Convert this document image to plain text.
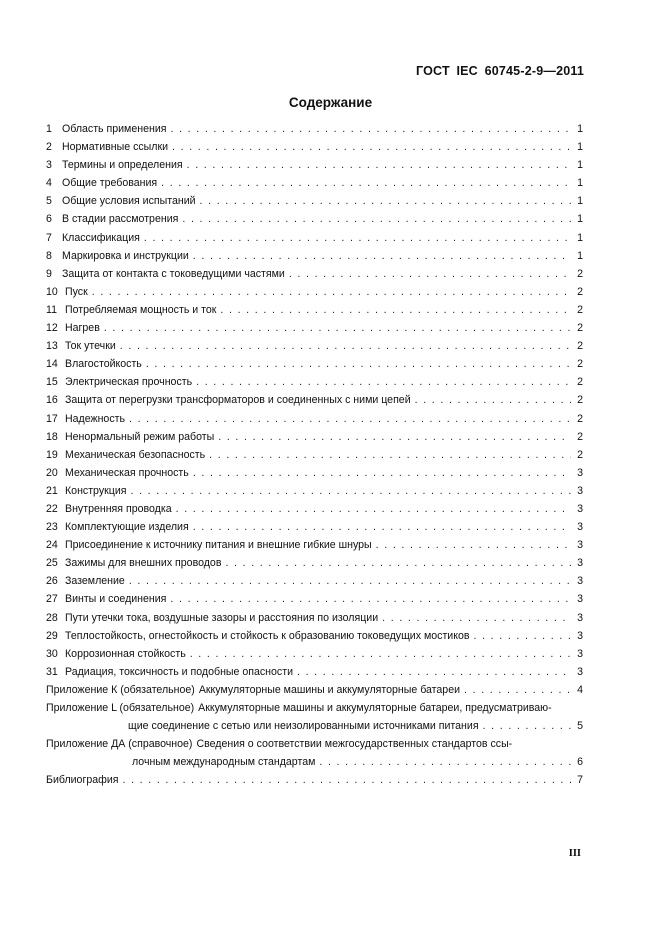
ГОСТ IEC 60745-2-9—2011
Содержание
1 Область применения . . .	1
2 Нормативные ссылки . . .	1
3 Термины и определения . . .	1
4 Общие требования . . .	1
5 Общие условия испытаний . . .	1
6 В стадии рассмотрения . . .	1
7 Классификация . . .	1
8 Маркировка и инструкции . . .	1
9 Защита от контакта с токоведущими частями . . .	2
10 Пуск . . .	2
11 Потребляемая мощность и ток . . .	2
12 Нагрев . . .	2
13 Ток утечки . . .	2
14 Влагостойкость . . .	2
15 Электрическая прочность . . .	2
16 Защита от перегрузки трансформаторов и соединенных с ними цепей . . .	2
17 Надежность . . .	2
18 Ненормальный режим работы . . .	2
19 Механическая безопасность . . .	2
20 Механическая прочность . . .	3
21 Конструкция . . .	3
22 Внутренняя проводка . . .	3
23 Комплектующие изделия . . .	3
24 Присоединение к источнику питания и внешние гибкие шнуры . . .	3
25 Зажимы для внешних проводов . . .	3
26 Заземление . . .	3
27 Винты и соединения . . .	3
28 Пути утечки тока, воздушные зазоры и расстояния по изоляции . . .	3
29 Теплостойкость, огнестойкость и стойкость к образованию токоведущих мостиков . . .	3
30 Коррозионная стойкость . . .	3
31 Радиация, токсичность и подобные опасности . . .	3
Приложение К (обязательное) Аккумуляторные машины и аккумуляторные батареи . . .	4
Приложение L (обязательное) Аккумуляторные машины и аккумуляторные батареи, предусматриваю-
щие соединение с сетью или неизолированными источниками питания . . .	5
Приложение ДА (справочное) Сведения о соответствии межгосударственных стандартов ссы-
лочным международным стандартам . . .	6
Библиография . . .	7
III
